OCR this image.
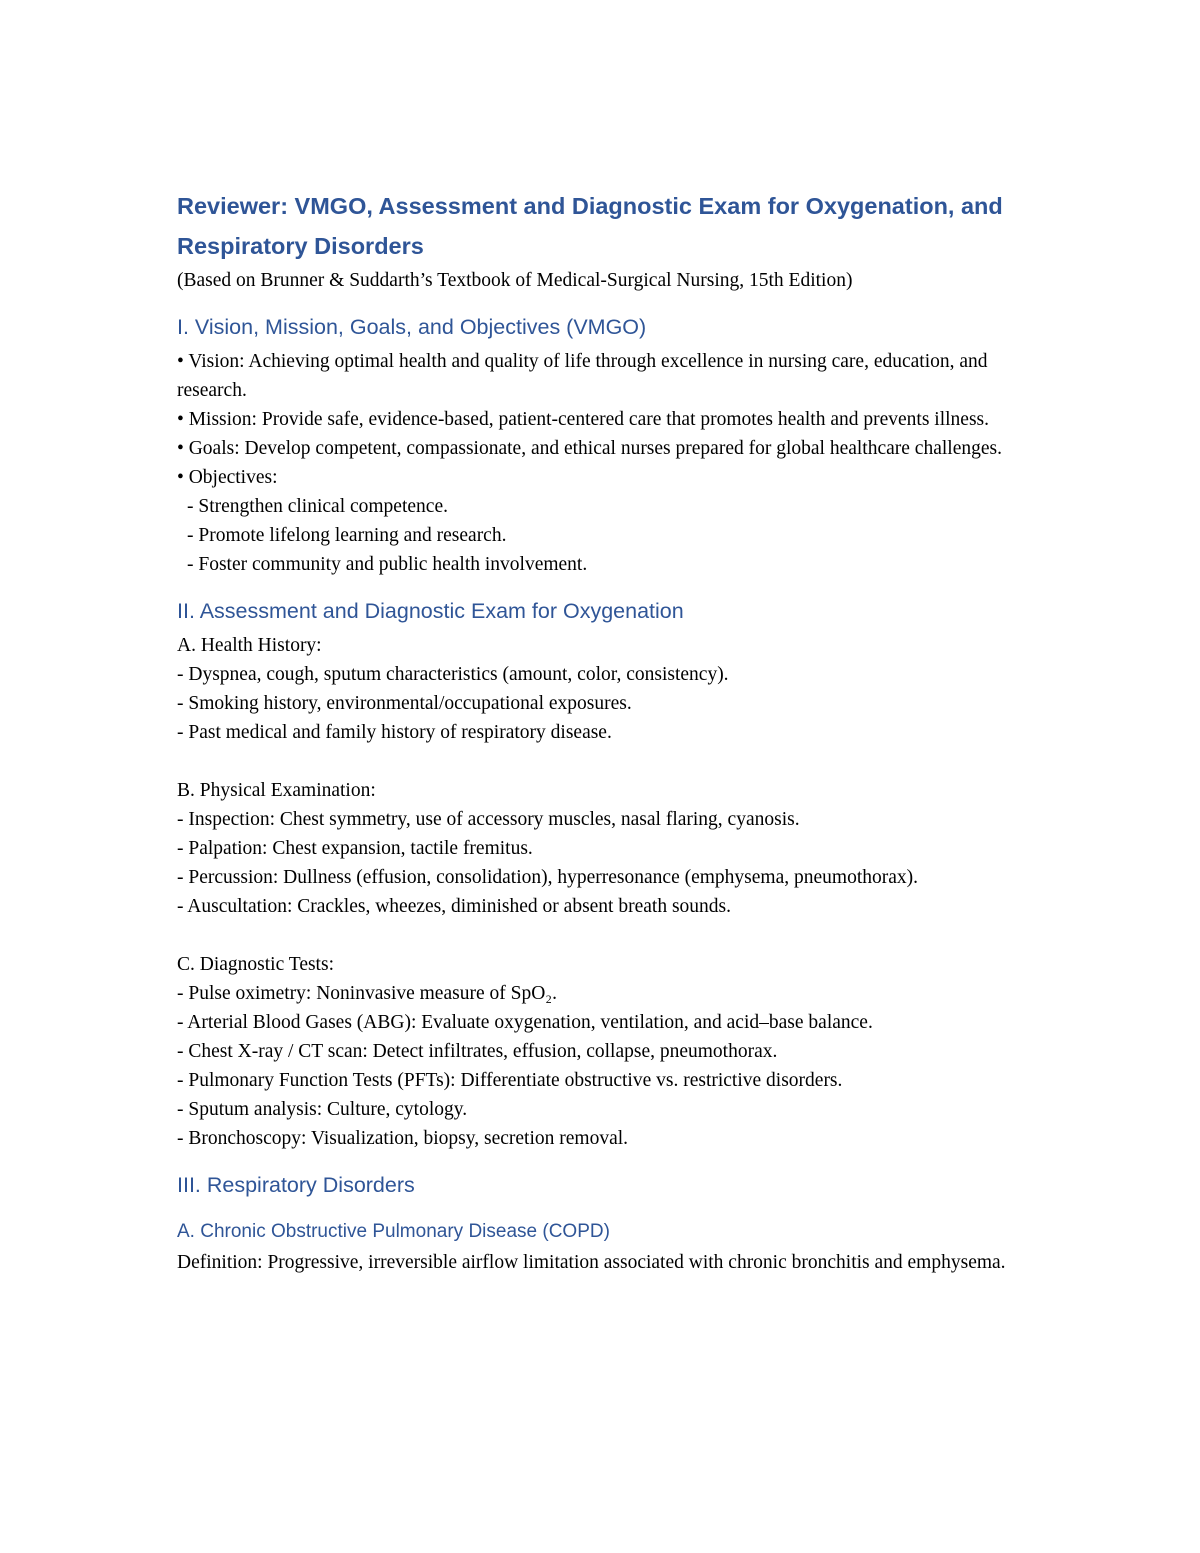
Reviewer: VMGO, Assessment and Diagnostic Exam for Oxygenation, and Respiratory Disorders

(Based on Brunner & Suddarth’s Textbook of Medical-Surgical Nursing, 15th Edition)

I. Vision, Mission, Goals, and Objectives (VMGO)

• Vision: Achieving optimal health and quality of life through excellence in nursing care, education, and research.

• Mission: Provide safe, evidence-based, patient-centered care that promotes health and prevents illness.

• Goals: Develop competent, compassionate, and ethical nurses prepared for global healthcare challenges.

• Objectives:

- Strengthen clinical competence.

- Promote lifelong learning and research.

- Foster community and public health involvement.

II. Assessment and Diagnostic Exam for Oxygenation

A. Health History:

- Dyspnea, cough, sputum characteristics (amount, color, consistency).

- Smoking history, environmental/occupational exposures.

- Past medical and family history of respiratory disease.

B. Physical Examination:

- Inspection: Chest symmetry, use of accessory muscles, nasal flaring, cyanosis.

- Palpation: Chest expansion, tactile fremitus.

- Percussion: Dullness (effusion, consolidation), hyperresonance (emphysema, pneumothorax).

- Auscultation: Crackles, wheezes, diminished or absent breath sounds.

C. Diagnostic Tests:

- Pulse oximetry: Noninvasive measure of SpO₂.

- Arterial Blood Gases (ABG): Evaluate oxygenation, ventilation, and acid–base balance.

- Chest X-ray / CT scan: Detect infiltrates, effusion, collapse, pneumothorax.

- Pulmonary Function Tests (PFTs): Differentiate obstructive vs. restrictive disorders.

- Sputum analysis: Culture, cytology.

- Bronchoscopy: Visualization, biopsy, secretion removal.

III. Respiratory Disorders
A. Chronic Obstructive Pulmonary Disease (COPD)

Definition: Progressive, irreversible airflow limitation associated with chronic bronchitis and emphysema.
